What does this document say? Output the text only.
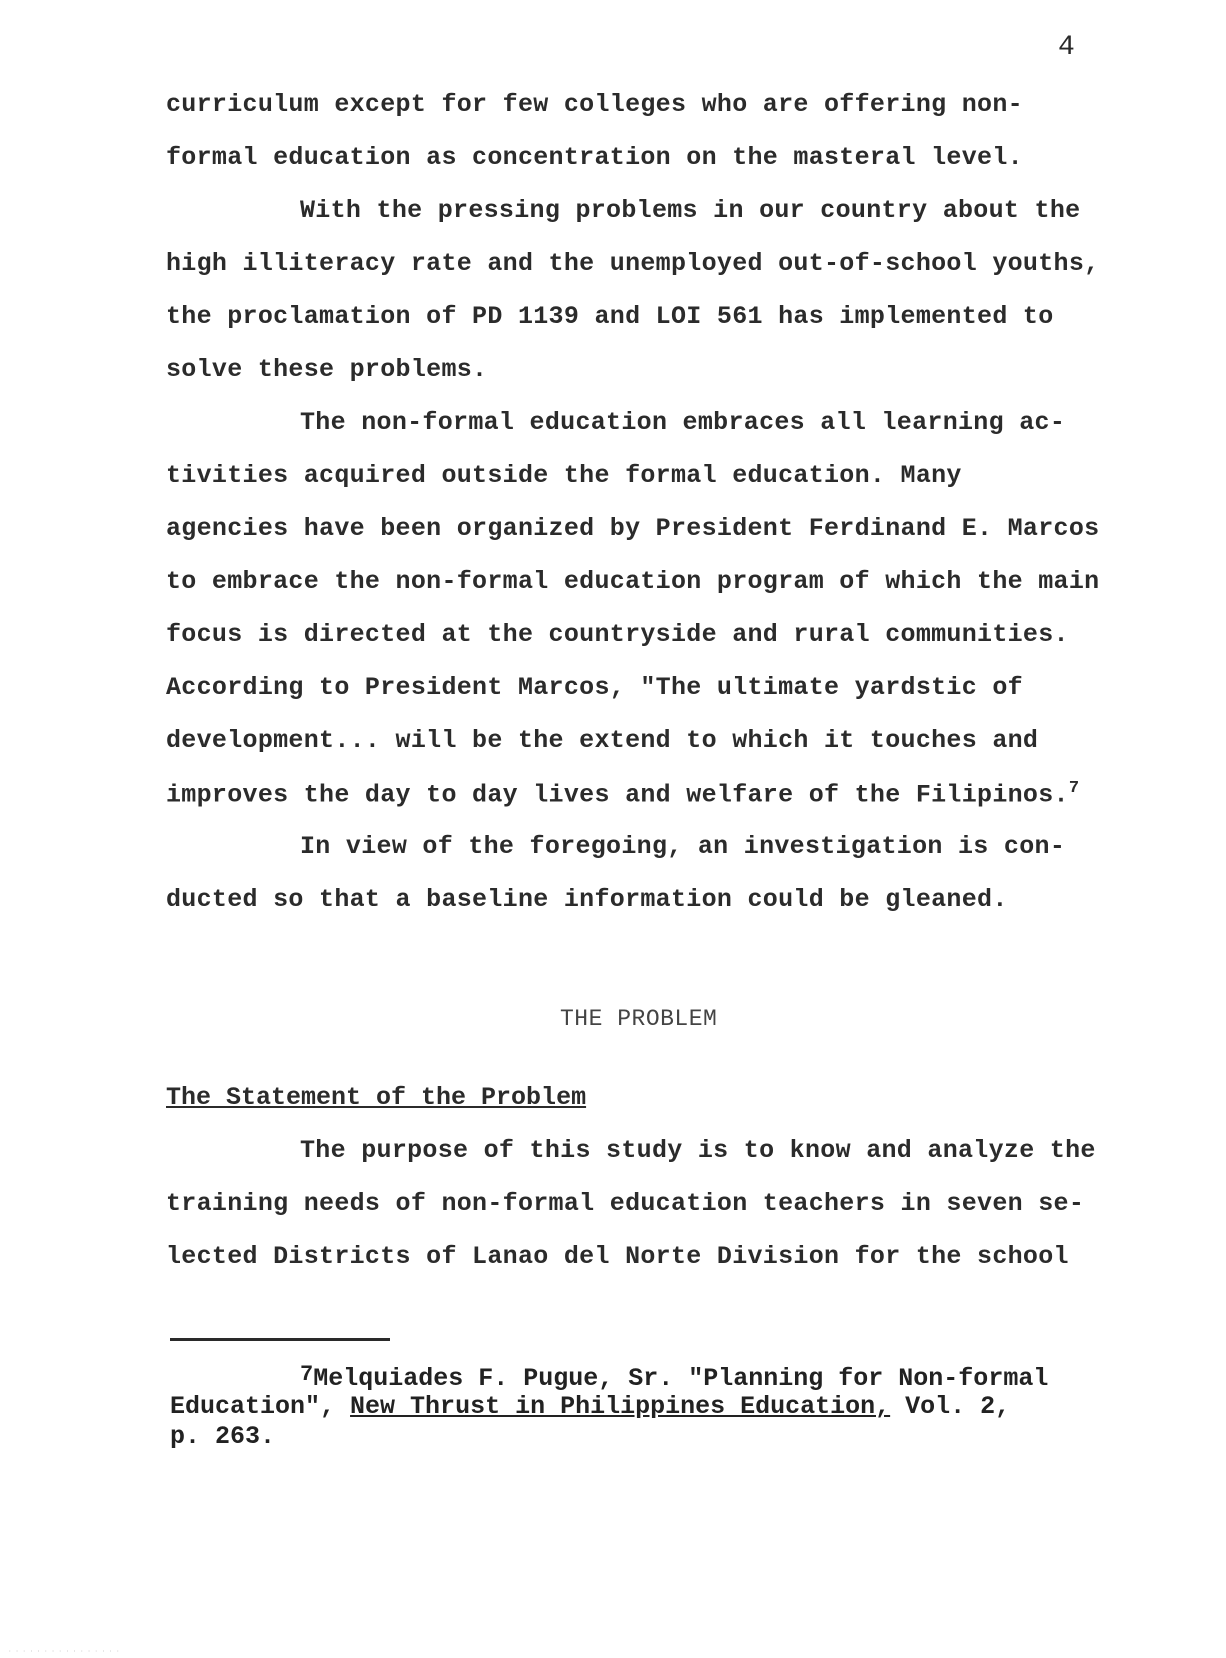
4
curriculum except for few colleges who are offering non-
formal education as concentration on the masteral level.
With the pressing problems in our country about the
high illiteracy rate and the unemployed out-of-school youths,
the proclamation of PD 1139 and LOI 561 has implemented to
solve these problems.
The non-formal education embraces all learning ac-
tivities acquired outside the formal education. Many
agencies have been organized by President Ferdinand E. Marcos
to embrace the non-formal education program of which the main
focus is directed at the countryside and rural communities.
According to President Marcos, "The ultimate yardstic of
development... will be the extend to which it touches and
improves the day to day lives and welfare of the Filipinos.$^7$
In view of the foregoing, an investigation is con-
ducted so that a baseline information could be gleaned.
THE PROBLEM
The Statement of the Problem
The purpose of this study is to know and analyze the
training needs of non-formal education teachers in seven se-
lected Districts of Lanao del Norte Division for the school
7Melquiades F. Pugue, Sr. "Planning for Non-formal
Education", New Thrust in Philippines Education, Vol. 2,
p. 263.
· · · · · · · · · · · · · · · ·
